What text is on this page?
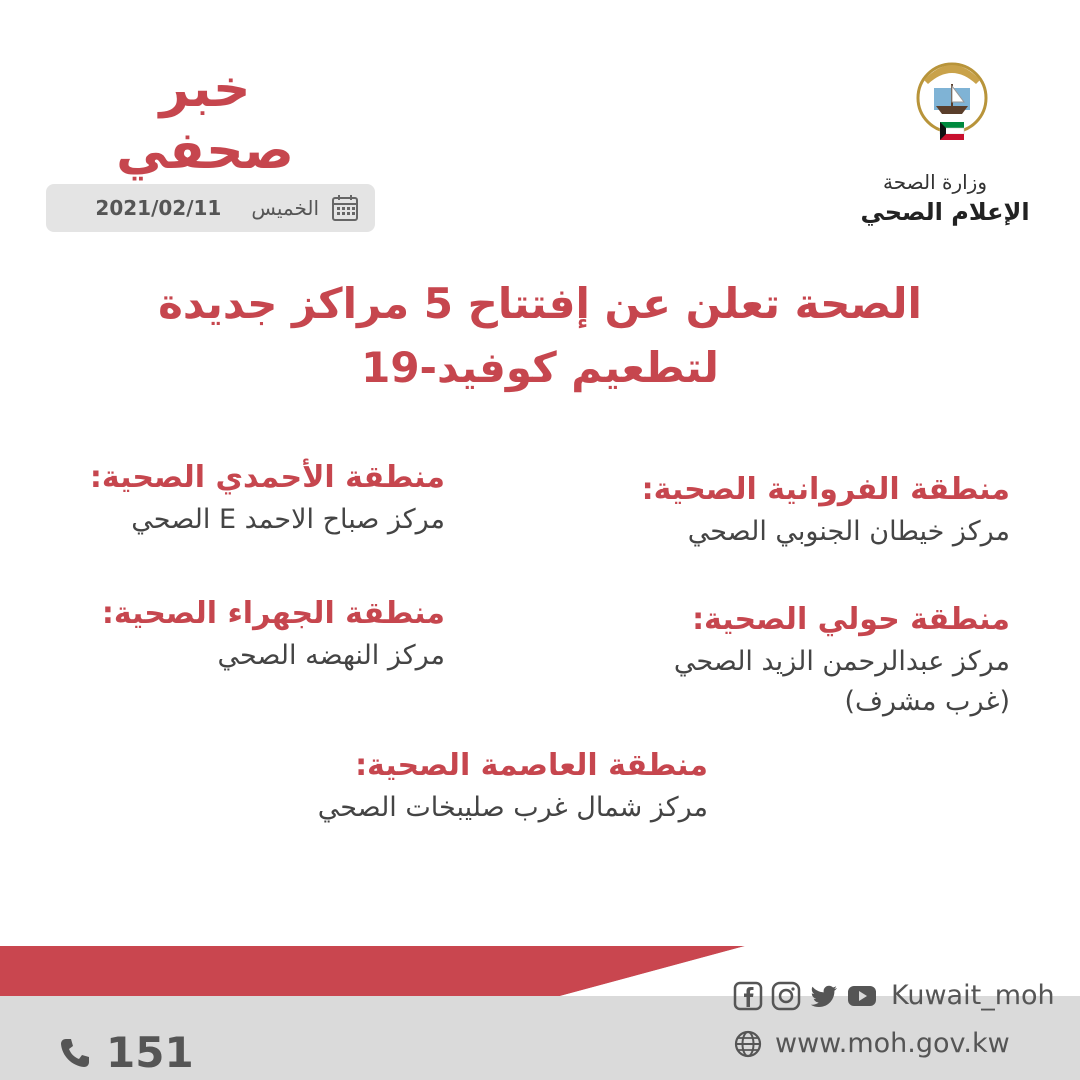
خبر
صحفي
2021/02/11 الخميس
وزارة الصحة
الإعلام الصحي
الصحة تعلن عن إفتتاح 5 مراكز جديدة
لتطعيم كوفيد-19
منطقة الفروانية الصحية:
مركز خيطان الجنوبي الصحي
منطقة الأحمدي الصحية:
مركز صباح الاحمد E الصحي
منطقة حولي الصحية:
مركز عبدالرحمن الزيد الصحي
(غرب مشرف)
منطقة الجهراء الصحية:
مركز النهضه الصحي
منطقة العاصمة الصحية:
مركز شمال غرب صليبخات الصحي
Kuwait_moh
www.moh.gov.kw
151
